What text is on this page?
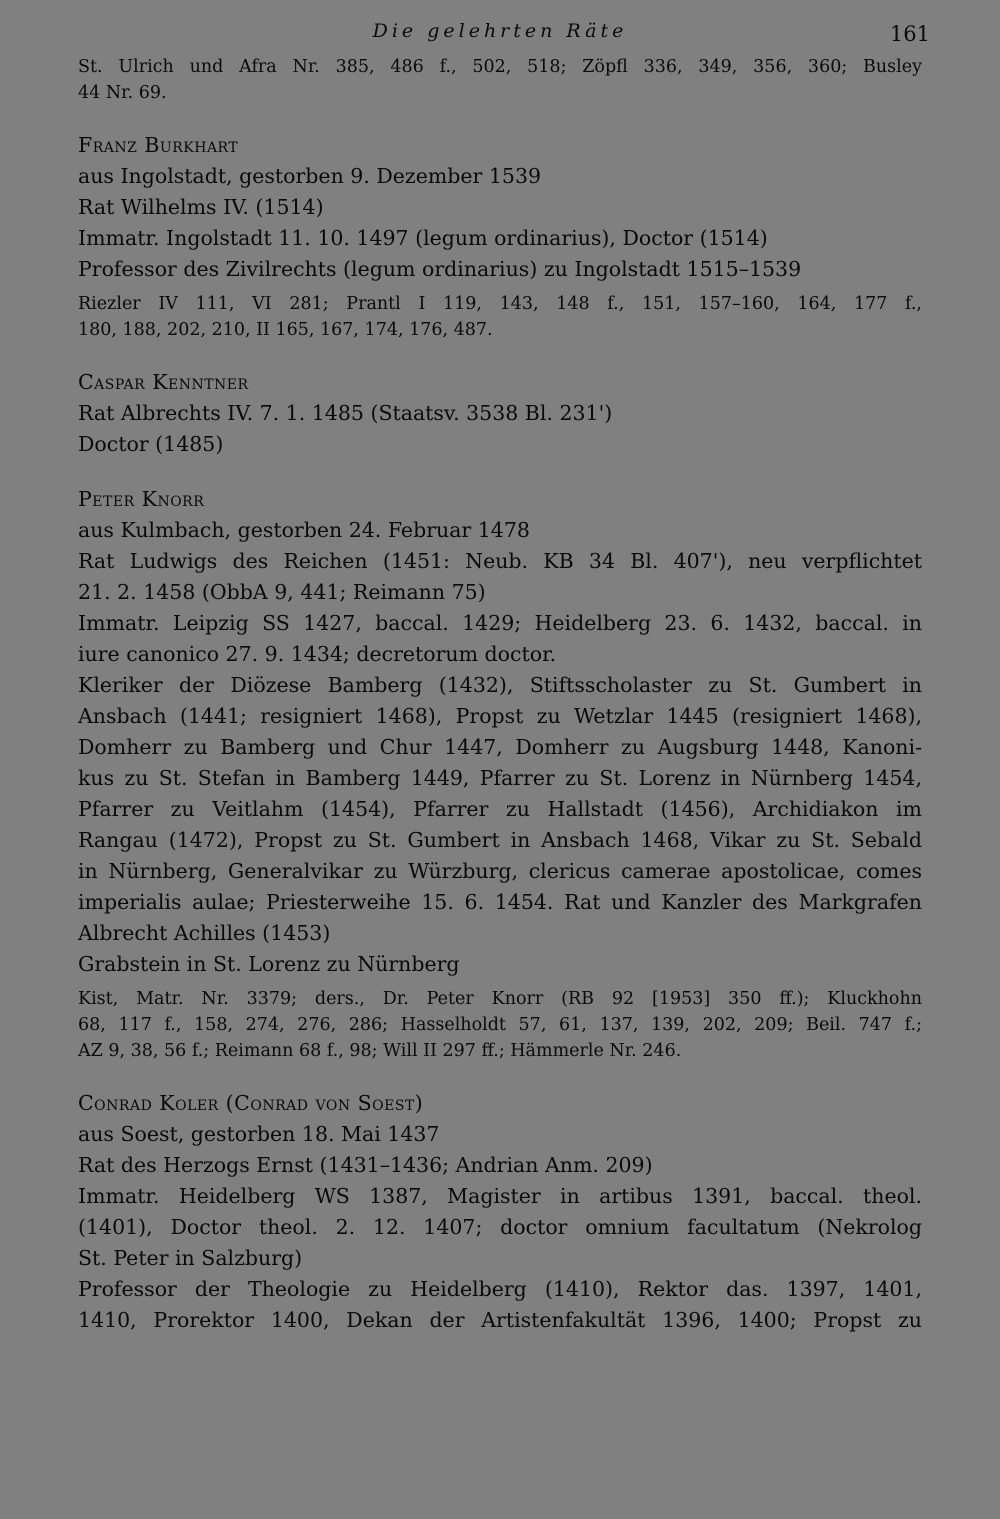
Die gelehrten Räte	161
St. Ulrich und Afra Nr. 385, 486 f., 502, 518; Zöpfl 336, 349, 356, 360; Busley
44 Nr. 69.
Franz Burkhart
aus Ingolstadt, gestorben 9. Dezember 1539
Rat Wilhelms IV. (1514)
Immatr. Ingolstadt 11. 10. 1497 (legum ordinarius), Doctor (1514)
Professor des Zivilrechts (legum ordinarius) zu Ingolstadt 1515–1539
Riezler IV 111, VI 281; Prantl I 119, 143, 148 f., 151, 157–160, 164, 177 f.,
180, 188, 202, 210, II 165, 167, 174, 176, 487.
Caspar Kenntner
Rat Albrechts IV. 7. 1. 1485 (Staatsv. 3538 Bl. 231')
Doctor (1485)
Peter Knorr
aus Kulmbach, gestorben 24. Februar 1478
Rat Ludwigs des Reichen (1451: Neub. KB 34 Bl. 407'), neu verpflichtet
21. 2. 1458 (ObbA 9, 441; Reimann 75)
Immatr. Leipzig SS 1427, baccal. 1429; Heidelberg 23. 6. 1432, baccal. in
iure canonico 27. 9. 1434; decretorum doctor.
Kleriker der Diözese Bamberg (1432), Stiftsscholaster zu St. Gumbert in
Ansbach (1441; resigniert 1468), Propst zu Wetzlar 1445 (resigniert 1468),
Domherr zu Bamberg und Chur 1447, Domherr zu Augsburg 1448, Kanoni-
kus zu St. Stefan in Bamberg 1449, Pfarrer zu St. Lorenz in Nürnberg 1454,
Pfarrer zu Veitlahm (1454), Pfarrer zu Hallstadt (1456), Archidiakon im
Rangau (1472), Propst zu St. Gumbert in Ansbach 1468, Vikar zu St. Sebald
in Nürnberg, Generalvikar zu Würzburg, clericus camerae apostolicae, comes
imperialis aulae; Priesterweihe 15. 6. 1454. Rat und Kanzler des Markgrafen
Albrecht Achilles (1453)
Grabstein in St. Lorenz zu Nürnberg
Kist, Matr. Nr. 3379; ders., Dr. Peter Knorr (RB 92 [1953] 350 ff.); Kluckhohn
68, 117 f., 158, 274, 276, 286; Hasselholdt 57, 61, 137, 139, 202, 209; Beil. 747 f.;
AZ 9, 38, 56 f.; Reimann 68 f., 98; Will II 297 ff.; Hämmerle Nr. 246.
Conrad Koler (Conrad von Soest)
aus Soest, gestorben 18. Mai 1437
Rat des Herzogs Ernst (1431–1436; Andrian Anm. 209)
Immatr. Heidelberg WS 1387, Magister in artibus 1391, baccal. theol.
(1401), Doctor theol. 2. 12. 1407; doctor omnium facultatum (Nekrolog
St. Peter in Salzburg)
Professor der Theologie zu Heidelberg (1410), Rektor das. 1397, 1401,
1410, Prorektor 1400, Dekan der Artistenfakultät 1396, 1400; Propst zu
